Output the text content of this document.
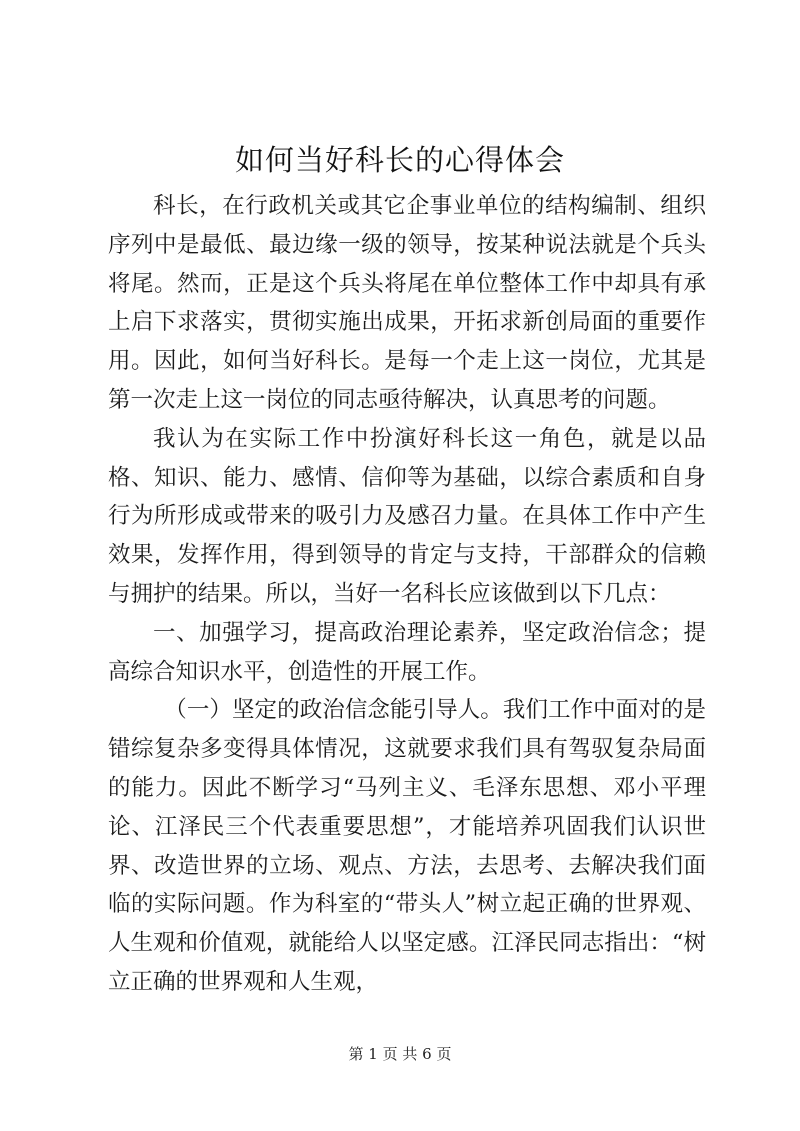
如何当好科长的心得体会

科长，在行政机关或其它企事业单位的结构编制、组织序列中是最低、最边缘一级的领导，按某种说法就是个兵头将尾。然而，正是这个兵头将尾在单位整体工作中却具有承上启下求落实，贯彻实施出成果，开拓求新创局面的重要作用。因此，如何当好科长。是每一个走上这一岗位，尤其是第一次走上这一岗位的同志亟待解决，认真思考的问题。

我认为在实际工作中扮演好科长这一角色，就是以品格、知识、能力、感情、信仰等为基础，以综合素质和自身行为所形成或带来的吸引力及感召力量。在具体工作中产生效果，发挥作用，得到领导的肯定与支持，干部群众的信赖与拥护的结果。所以，当好一名科长应该做到以下几点：

一、加强学习，提高政治理论素养，坚定政治信念；提高综合知识水平，创造性的开展工作。

（一）坚定的政治信念能引导人。我们工作中面对的是错综复杂多变得具体情况，这就要求我们具有驾驭复杂局面的能力。因此不断学习“马列主义、毛泽东思想、邓小平理论、江泽民三个代表重要思想”，才能培养巩固我们认识世界、改造世界的立场、观点、方法，去思考、去解决我们面临的实际问题。作为科室的“带头人”树立起正确的世界观、人生观和价值观，就能给人以坚定感。江泽民同志指出：“树立正确的世界观和人生观，

第 1 页 共 6 页
